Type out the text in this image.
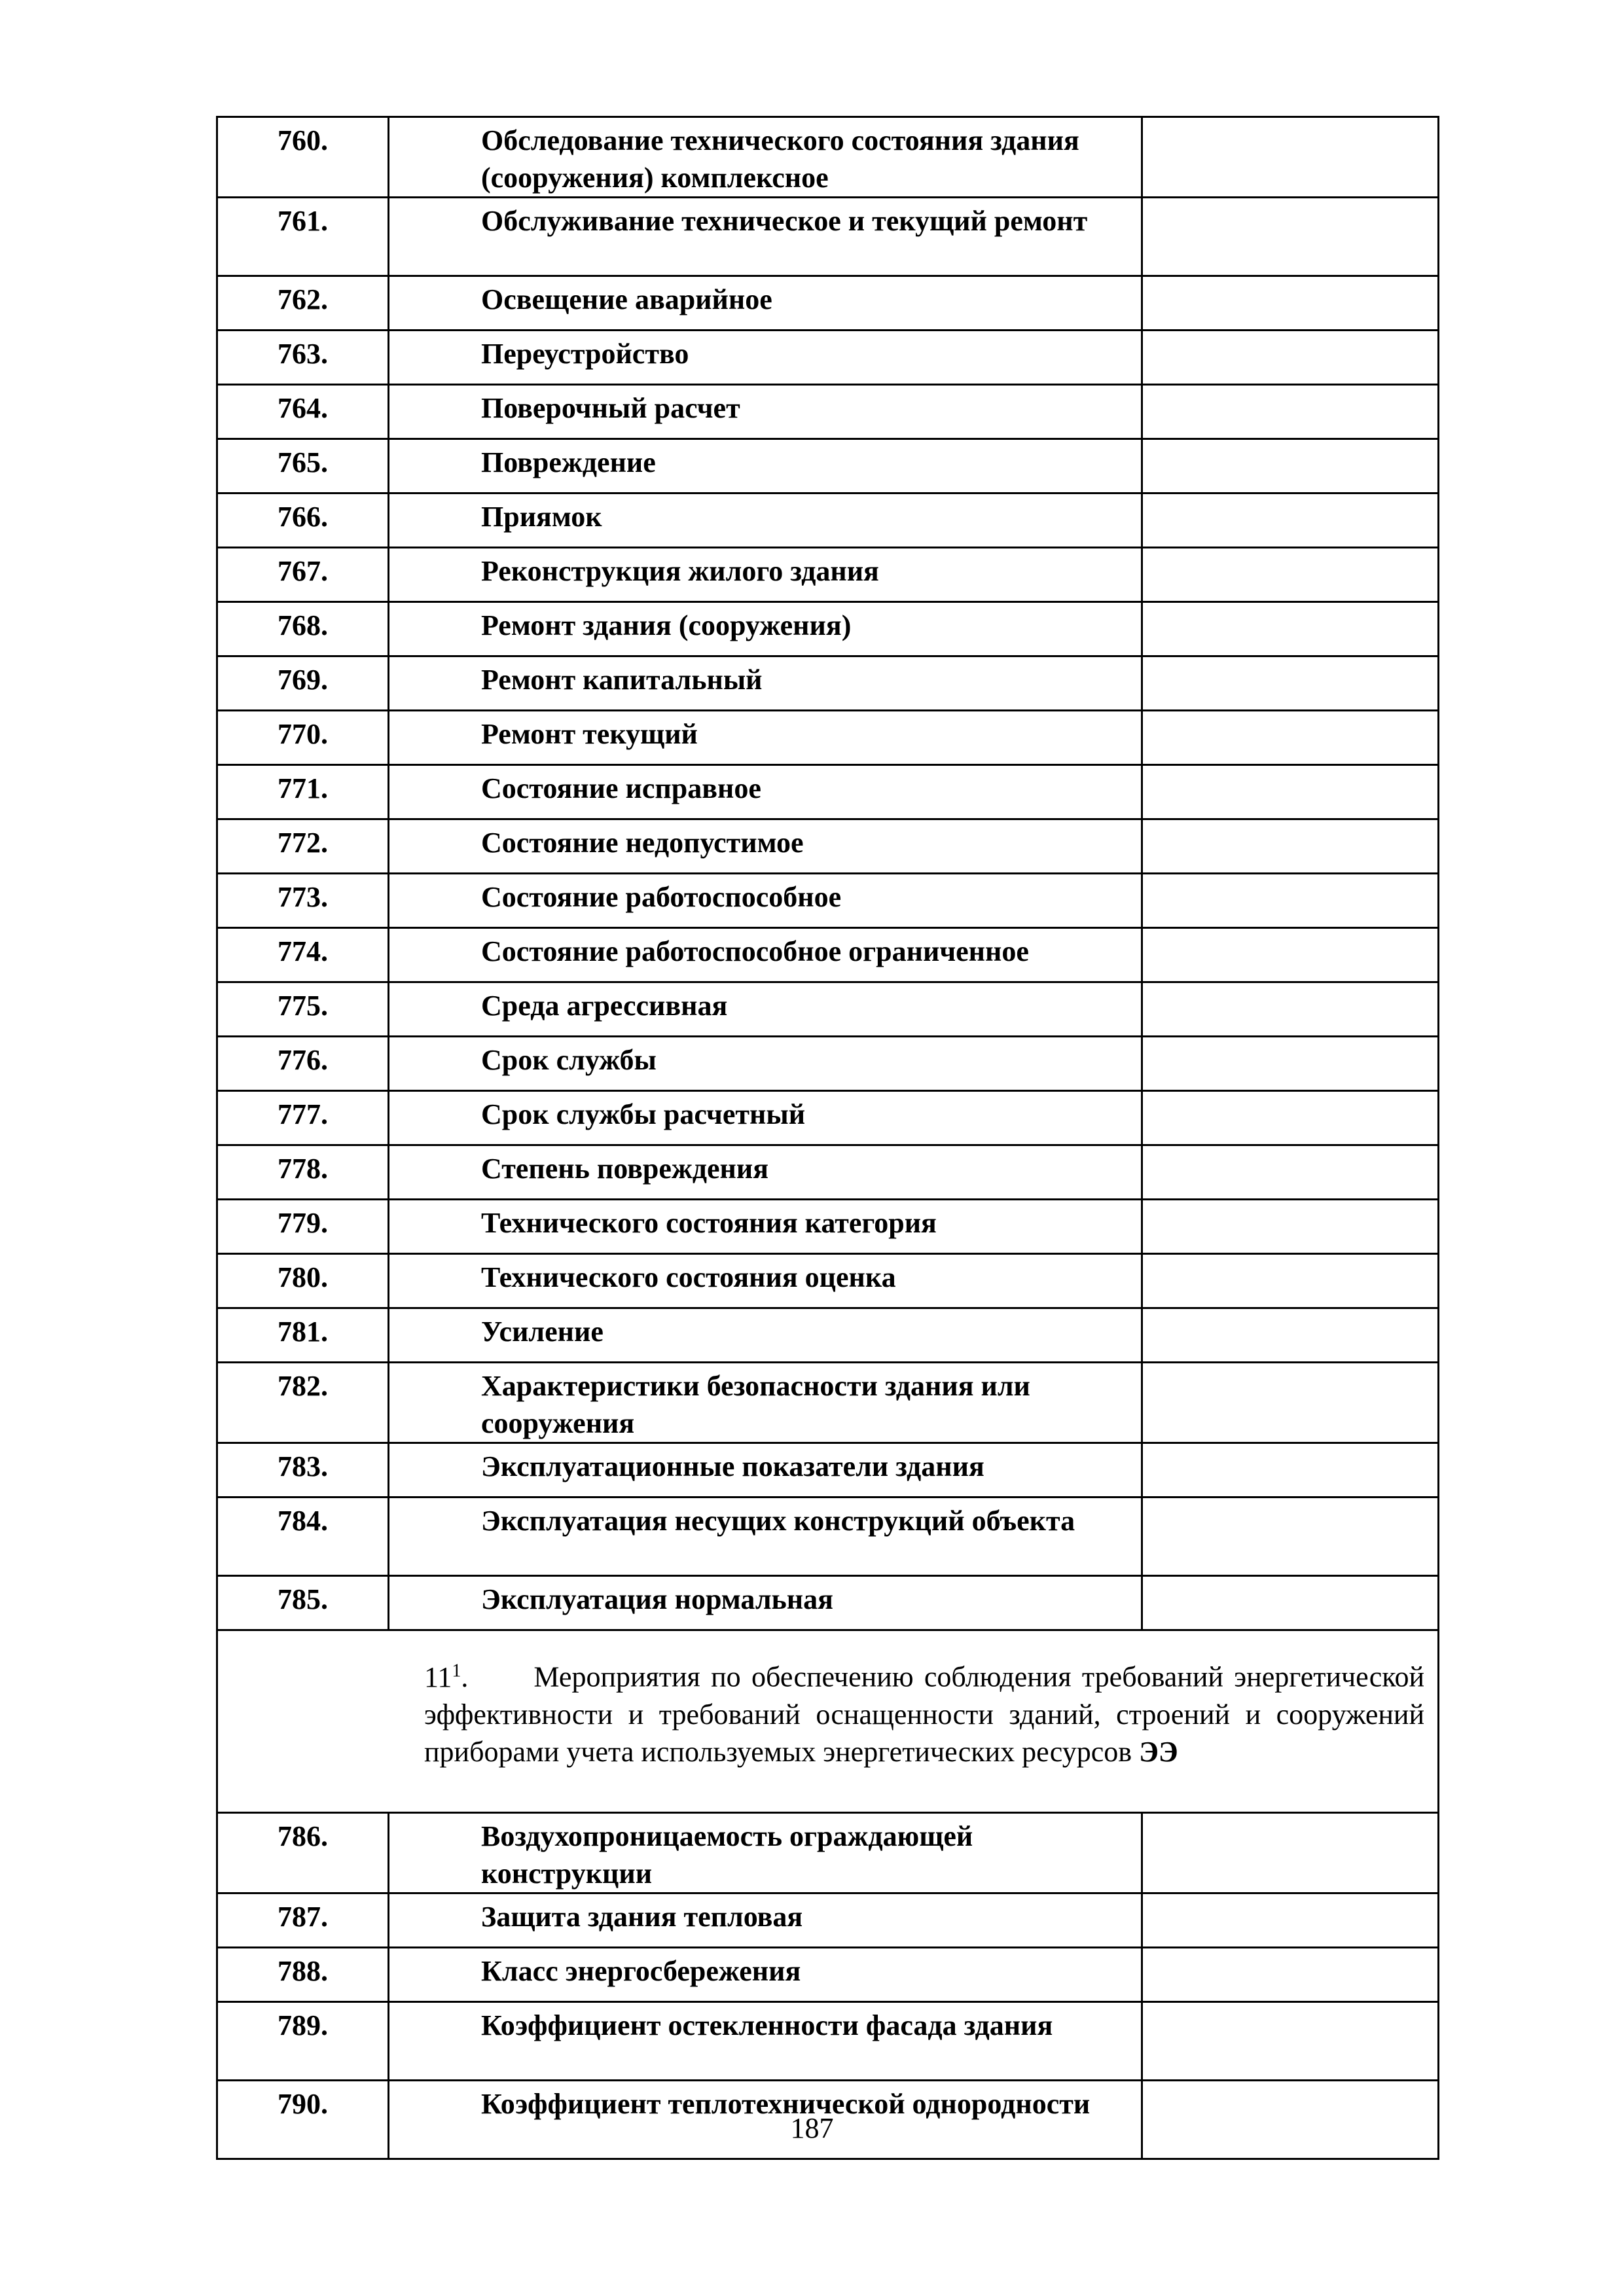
760.	Обследование технического состояния здания (сооружения) комплексное	
761.	Обслуживание техническое и текущий ремонт	
762.	Освещение аварийное	
763.	Переустройство	
764.	Поверочный расчет	
765.	Повреждение	
766.	Приямок	
767.	Реконструкция жилого здания	
768.	Ремонт здания (сооружения)	
769.	Ремонт капитальный	
770.	Ремонт текущий	
771.	Состояние исправное	
772.	Состояние недопустимое	
773.	Состояние работоспособное	
774.	Состояние работоспособное ограниченное	
775.	Среда агрессивная	
776.	Срок службы	
777.	Срок службы расчетный	
778.	Степень повреждения	
779.	Технического состояния категория	
780.	Технического состояния оценка	
781.	Усиление	
782.	Характеристики безопасности здания или сооружения	
783.	Эксплуатационные показатели здания	
784.	Эксплуатация несущих конструкций объекта	
785.	Эксплуатация нормальная	

$11^1$. Мероприятия по обеспечению соблюдения требований энергетической эффективности и требований оснащенности зданий, строений и сооружений приборами учета используемых энергетических ресурсов ЭЭ		

786.	Воздухопроницаемость ограждающей конструкции	
787.	Защита здания тепловая	
788.	Класс энергосбережения	
789.	Коэффициент остекленности фасада здания	
790.	Коэффициент теплотехнической однородности	
187
